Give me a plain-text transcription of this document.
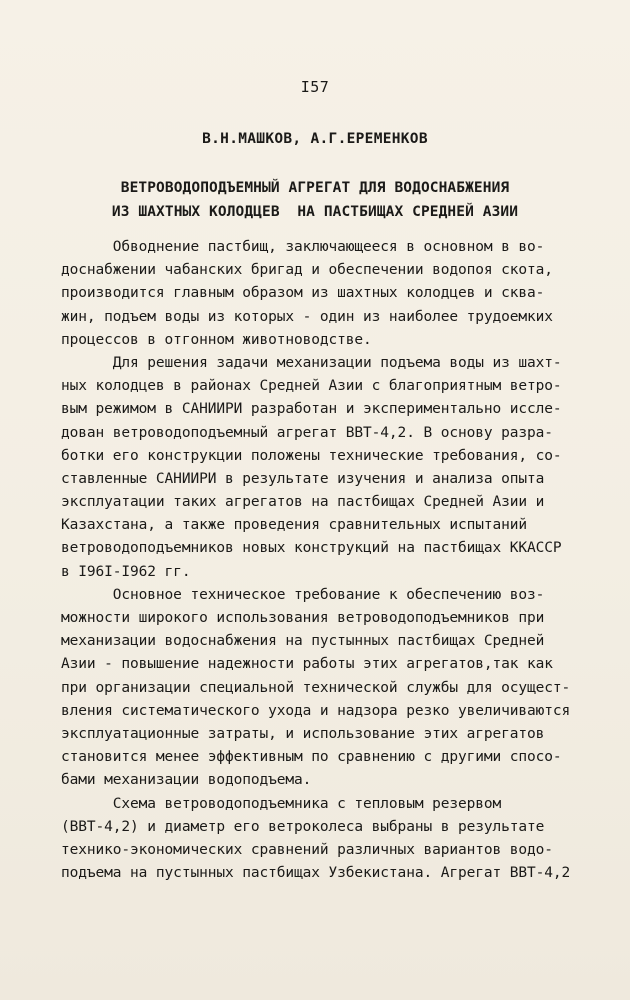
I57
В.Н.МАШКОВ, А.Г.ЕРЕМЕНКОВ
ВЕТРОВОДОПОДЪЕМНЫЙ АГРЕГАТ ДЛЯ ВОДОСНАБЖЕНИЯ
ИЗ ШАХТНЫХ КОЛОДЦЕВ  НА ПАСТБИЩАХ СРЕДНЕЙ АЗИИ
Обводнение пастбищ, заключающееся в основном в во-
доснабжении чабанских бригад и обеспечении водопоя скота,
производится главным образом из шахтных колодцев и сква-
жин, подъем воды из которых - один из наиболее трудоемких
процессов в отгонном животноводстве.
Для решения задачи механизации подъема воды из шахт-
ных колодцев в районах Средней Азии с благоприятным ветро-
вым режимом в САНИИРИ разработан и экспериментально иссле-
дован ветроводоподъемный агрегат ВВТ-4,2. В основу разра-
ботки его конструкции положены технические требования, со-
ставленные САНИИРИ в результате изучения и анализа опыта
эксплуатации таких агрегатов на пастбищах Средней Азии и
Казахстана, а также проведения сравнительных испытаний
ветроводоподъемников новых конструкций на пастбищах ККАССР
в I96I-I962 гг.
Основное техническое требование к обеспечению воз-
можности широкого использования ветроводоподъемников при
механизации водоснабжения на пустынных пастбищах Средней
Азии - повышение надежности работы этих агрегатов,так как
при организации специальной технической службы для осущест-
вления систематического ухода и надзора резко увеличиваются
эксплуатационные затраты, и использование этих агрегатов
становится менее эффективным по сравнению с другими спосо-
бами механизации водоподъема.
Схема ветроводоподъемника с тепловым резервом
(ВВТ-4,2) и диаметр его ветроколеса выбраны в результате
технико-экономических сравнений различных вариантов водо-
подъема на пустынных пастбищах Узбекистана. Агрегат ВВТ-4,2
